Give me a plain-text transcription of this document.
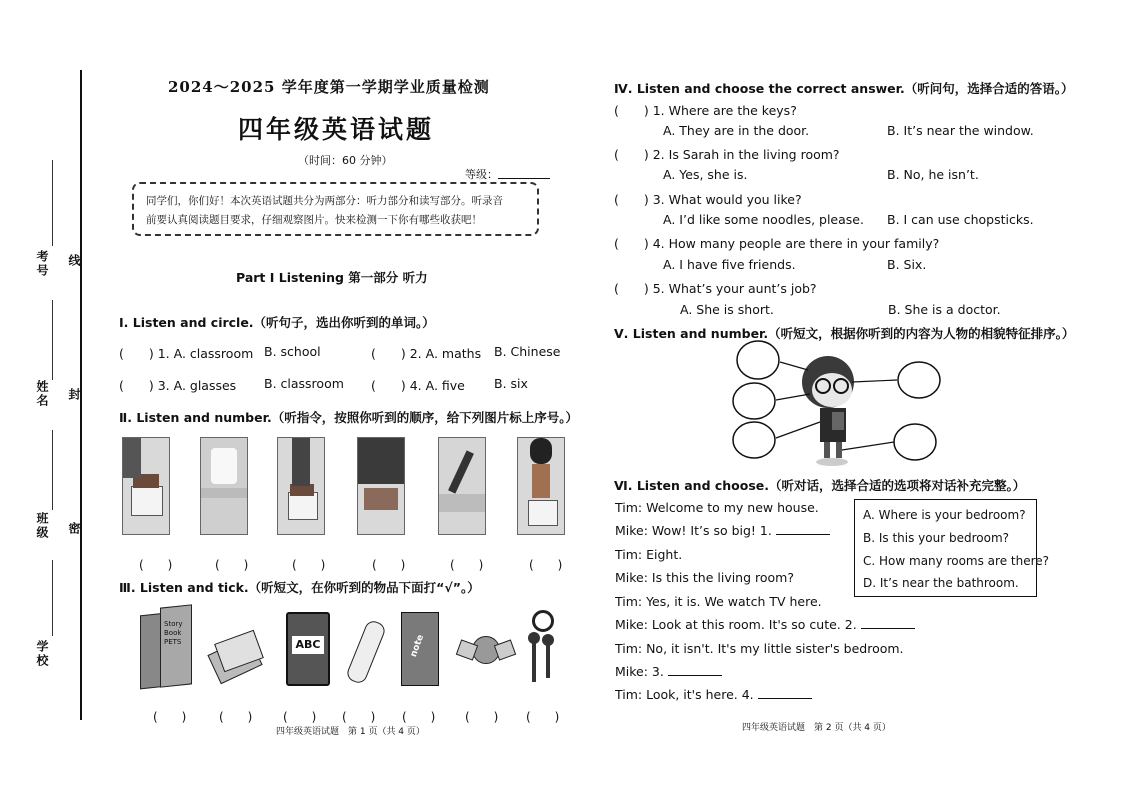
考号
姓名
班级
学校
线
封
密
2024～2025 学年度第一学期学业质量检测
四年级英语试题
（时间：60 分钟）
等级：
同学们，你们好！本次英语试题共分为两部分：听力部分和读写部分。听录音
前要认真阅读题目要求，仔细观察图片。快来检测一下你有哪些收获吧！
Part Ⅰ Listening 第一部分 听力
Ⅰ. Listen and circle.（听句子，选出你听到的单词。）
(　　) 1. A. classroom B. school	(　　) 2. A. maths B. Chinese
(　　) 3. A. glasses B. classroom (　　) 4. A. five B. six
Ⅱ. Listen and number.（听指令，按照你听到的顺序，给下列图片标上序号。）
(　　)	(　　)	(　　)	(　　)	(　　)	(　　)
Ⅲ. Listen and tick.（听短文，在你听到的物品下面打“√”。）
Story Book PETS	ABC	note
(　　)	(　　)	(　　) (　　) (　　) (　　) (　　)
四年级英语试题　第 1 页（共 4 页）
Ⅳ. Listen and choose the correct answer.（听问句，选择合适的答语。）
(　　) 1. Where are the keys?
A. They are in the door.	B. It’s near the window.
(　　) 2. Is Sarah in the living room?
A. Yes, she is.	B. No, he isn’t.
(　　) 3. What would you like?
A. I’d like some noodles, please. B. I can use chopsticks.
(　　) 4. How many people are there in your family?
A. I have five friends.	B. Six.
(　　) 5. What’s your aunt’s job?
A. She is short.	B. She is a doctor.
Ⅴ. Listen and number.（听短文，根据你听到的内容为人物的相貌特征排序。）
Ⅵ. Listen and choose.（听对话，选择合适的选项将对话补充完整。）
Tim: Welcome to my new house.
Mike: Wow! It’s so big! 1.
Tim: Eight.
Mike: Is this the living room?
Tim: Yes, it is. We watch TV here.
Mike: Look at this room. It's so cute. 2.
Tim: No, it isn't. It's my little sister's bedroom.
Mike: 3.
Tim: Look, it's here. 4.
A. Where is your bedroom?
B. Is this your bedroom?
C. How many rooms are there?
D. It’s near the bathroom.
四年级英语试题　第 2 页（共 4 页）
